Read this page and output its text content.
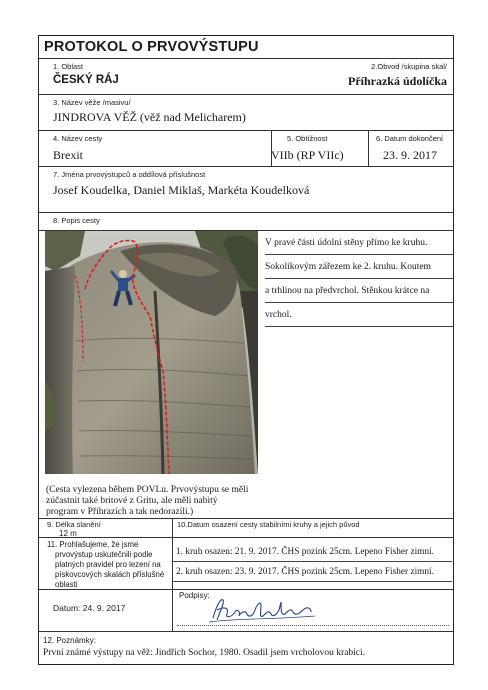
PROTOKOL O PRVOVÝSTUPU
1. Oblast
ČESKÝ RÁJ
2.Obvod /skupina skal/
Příhrazká údolíčka
3. Název věže /masivu/
JINDROVA VĚŽ (věž nad Melicharem)
4. Název cesty
Brexit
5. Obtížnost
VIIb (RP VIIc)
6. Datum dokončení
23. 9. 2017
7. Jména prvovýstupců a oddílová příslušnost
Josef Koudelka, Daniel Miklaš, Markéta Koudelková
8. Popis cesty
V pravé části údolní stěny přímo ke kruhu.
Sokolíkovým zářezem ke 2. kruhu. Koutem
a trhlinou na předvrchol. Stěnkou krátce na
vrchol.
(Cesta vylezena během POVLu. Prvovýstupu se měli
zúčastnit také britové z Gritu, ale měli nabitý
program v Příhrazích a tak nedorazili.)
9. Délka slanění
12 m
10.Datum osazení cesty stabilními kruhy a jejich původ
11. Prohlašujeme, že jsme
prvovýstup uskutečnili podle
platných pravidel pro lezení na
pískovcových skalách příslušné
oblasti
1. kruh osazen: 21. 9. 2017. ČHS pozink 25cm. Lepeno Fisher zimní.
2. kruh osazen: 23. 9. 2017. ČHS pozink 25cm. Lepeno Fisher zimní.
Datum: 24. 9. 2017
Podpisy:
12. Poznámky:
První známé výstupy na věž: Jindřich Sochor, 1980. Osadil jsem vrcholovou krabici.
